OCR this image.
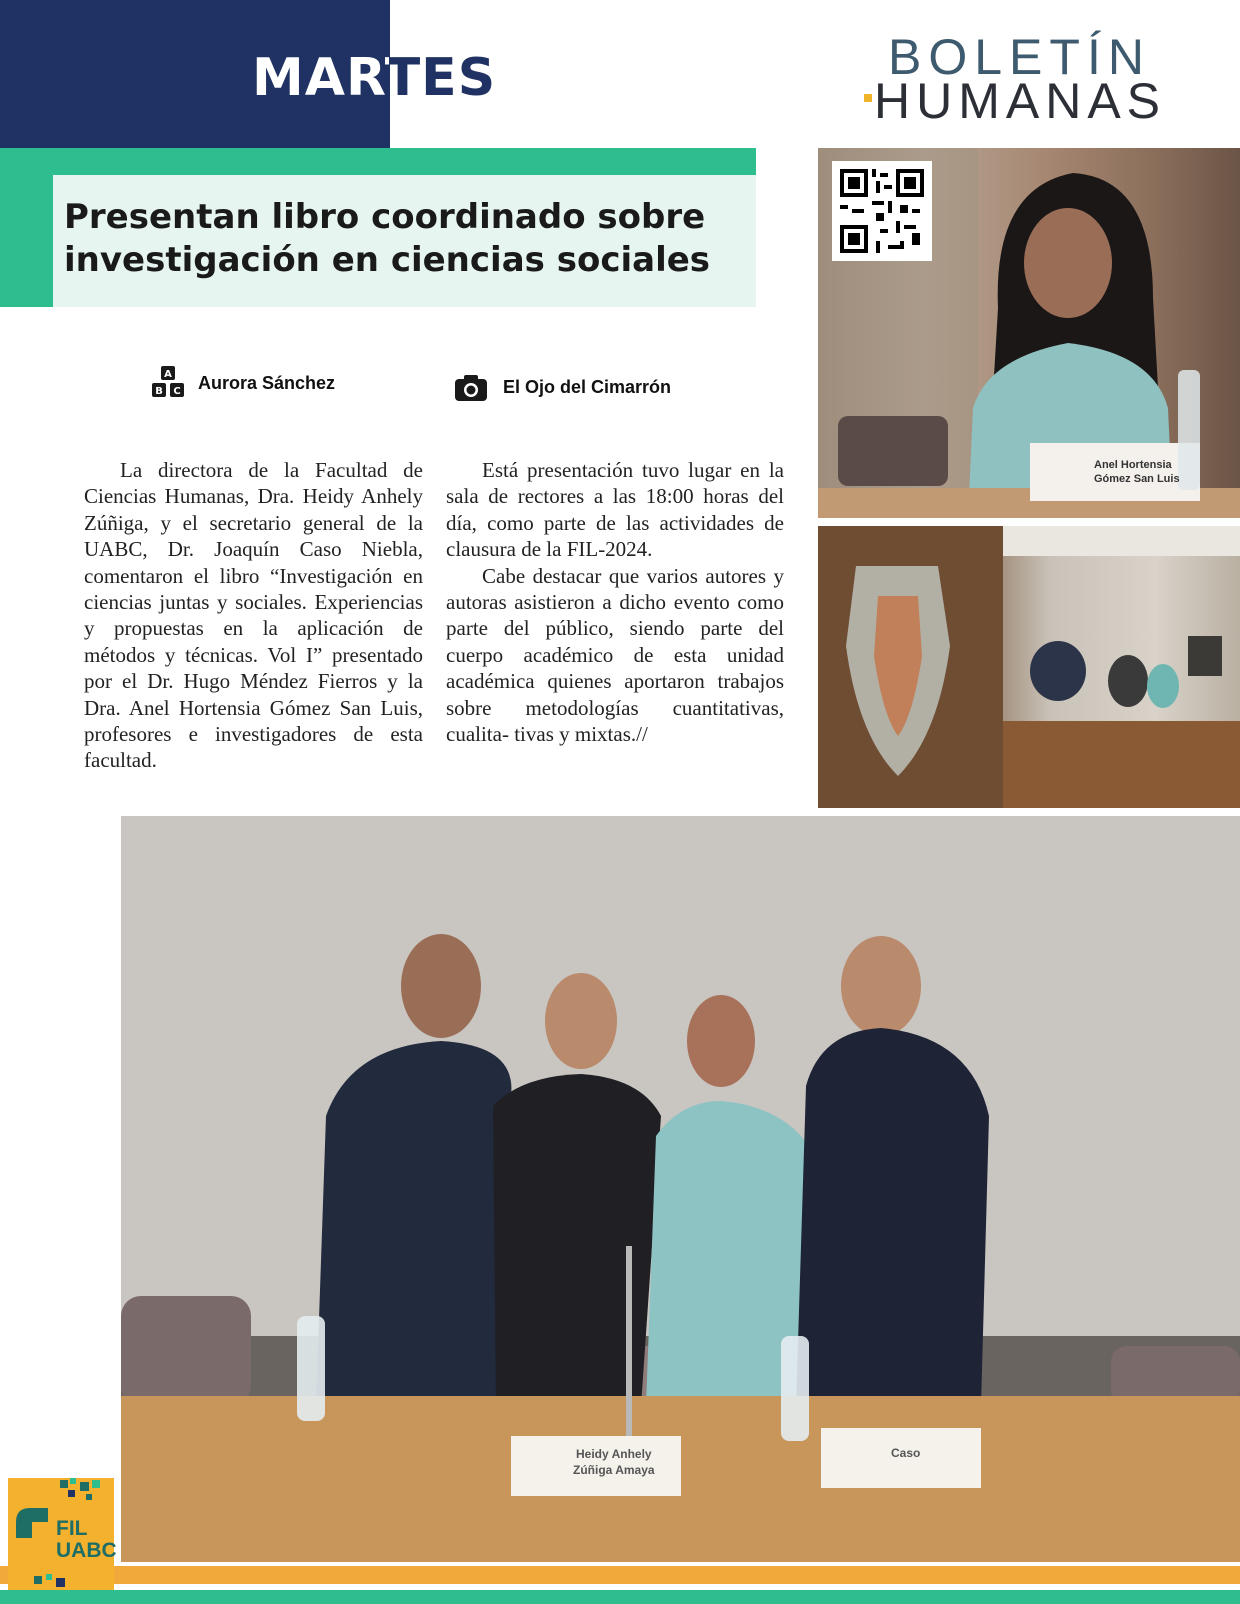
MARTES	BOLETÍN
HUMANAS
Presentan libro coordinado sobre investigación en ciencias sociales
A
B C Aurora Sánchez	El Ojo del Cimarrón

La directora de la Facultad de Ciencias Humanas, Dra. Heidy Anhely Zúñiga, y el secretario general de la UABC, Dr. Joaquín Caso Niebla, comentaron el libro “Investigación en ciencias juntas y sociales. Experiencias y propuestas en la aplicación de métodos y técnicas. Vol I” presentado por el Dr. Hugo Méndez Fierros y la Dra. Anel Hortensia Gómez San Luis, profesores e investigadores de esta facultad.

Está presentación tuvo lugar en la sala de rectores a las 18:00 horas del día, como parte de las actividades de clausura de la FIL-2024.

Cabe destacar que varios autores y autoras asistieron a dicho evento como parte del público, siendo parte del cuerpo académico de esta unidad académica quienes aportaron trabajos sobre metodologías cuantitativas, cualita- tivas y mixtas.//

Anel Hortensia
Gómez San Luis
Heidy Anhely
Zúñiga Amaya
Caso
FIL
UABC
